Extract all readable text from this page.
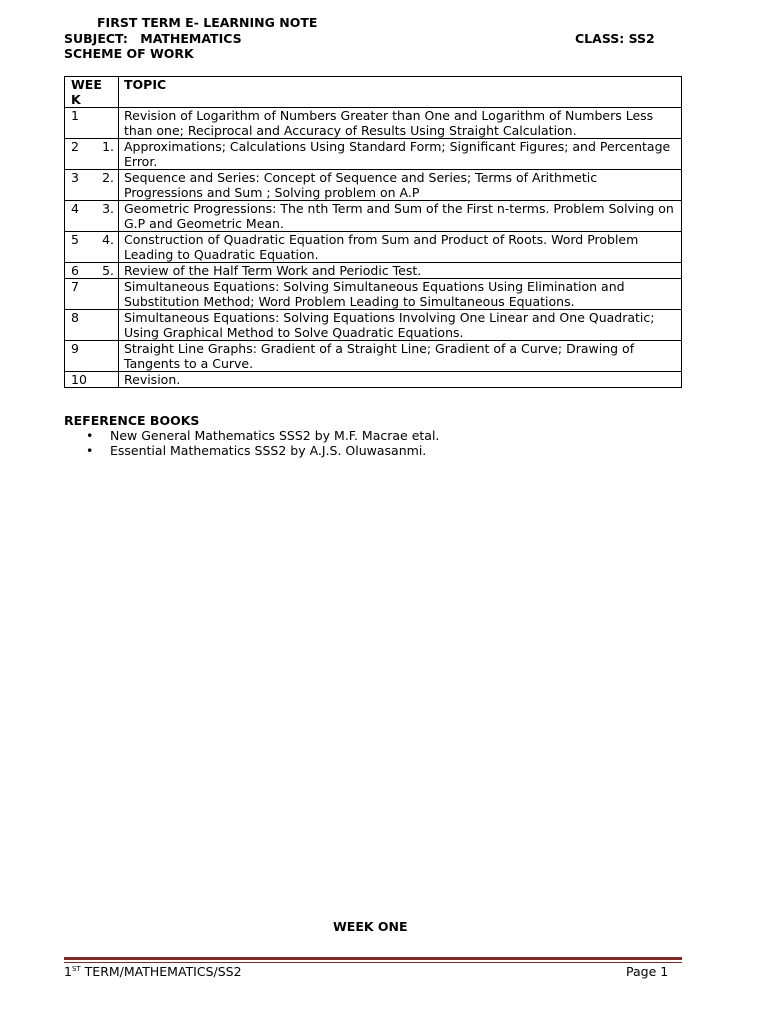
FIRST TERM E- LEARNING NOTE
SUBJECT: MATHEMATICS	CLASS: SS2
SCHEME OF WORK
WEE
K	TOPIC

1	Revision of Logarithm of Numbers Greater than One and Logarithm of Numbers Less than one; Reciprocal and Accuracy of Results Using Straight Calculation.

2 1.	Approximations; Calculations Using Standard Form; Significant Figures; and Percentage Error.

3 2.	Sequence and Series: Concept of Sequence and Series; Terms of Arithmetic Progressions and Sum ; Solving problem on A.P

4 3.	Geometric Progressions: The nth Term and Sum of the First n-terms. Problem Solving on G.P and Geometric Mean.

5 4.	Construction of Quadratic Equation from Sum and Product of Roots. Word Problem Leading to Quadratic Equation.

6 5.	Review of the Half Term Work and Periodic Test.

7	Simultaneous Equations: Solving Simultaneous Equations Using Elimination and Substitution Method; Word Problem Leading to Simultaneous Equations.

8	Simultaneous Equations: Solving Equations Involving One Linear and One Quadratic;
Using Graphical Method to Solve Quadratic Equations.

9	Straight Line Graphs: Gradient of a Straight Line; Gradient of a Curve; Drawing of Tangents to a Curve.

10	Revision.
REFERENCE BOOKS
• New General Mathematics SSS2 by M.F. Macrae etal.
• Essential Mathematics SSS2 by A.J.S. Oluwasanmi.
WEEK ONE
1ST TERM/MATHEMATICS/SS2	Page 1
